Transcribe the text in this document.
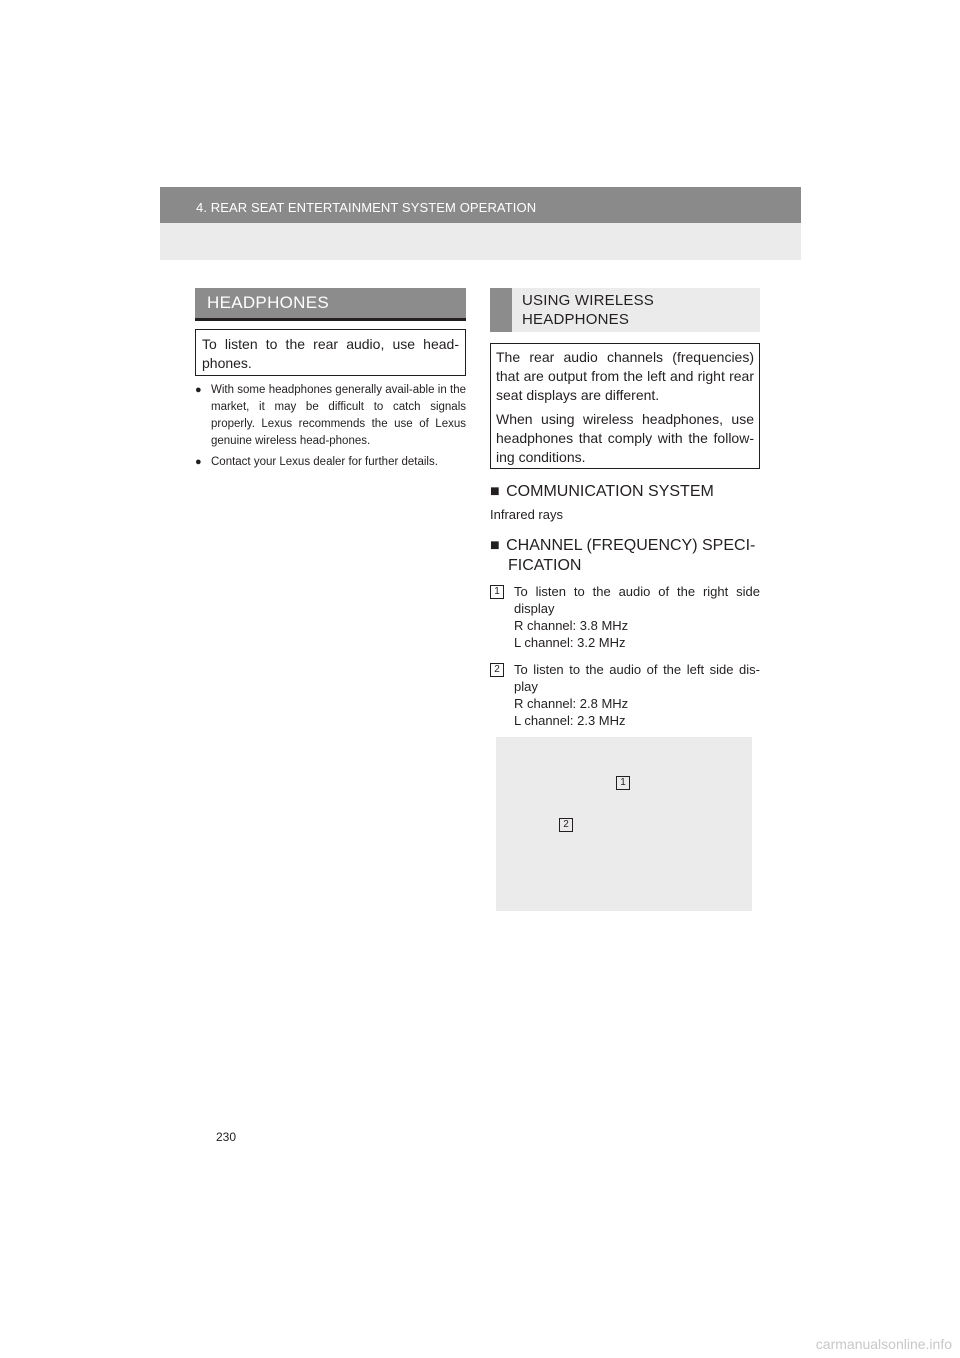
4. REAR SEAT ENTERTAINMENT SYSTEM OPERATION
HEADPHONES

To listen to the rear audio, use head-phones.

● With some headphones generally avail-able in the market, it may be difficult to catch signals properly. Lexus recommends the use of Lexus genuine wireless head-phones.
● Contact your Lexus dealer for further details.
USING WIRELESS
HEADPHONES

The rear audio channels (frequencies) that are output from the left and right rear seat displays are different.

When using wireless headphones, use headphones that comply with the follow-ing conditions.

■ COMMUNICATION SYSTEM
Infrared rays
■ CHANNEL (FREQUENCY) SPECI-
FICATION
1	To listen to the audio of the right side display
R channel: 3.8 MHz
L channel: 3.2 MHz
2	To listen to the audio of the left side dis-play
R channel: 2.8 MHz
L channel: 2.3 MHz
1
2
230
carmanualsonline.info
